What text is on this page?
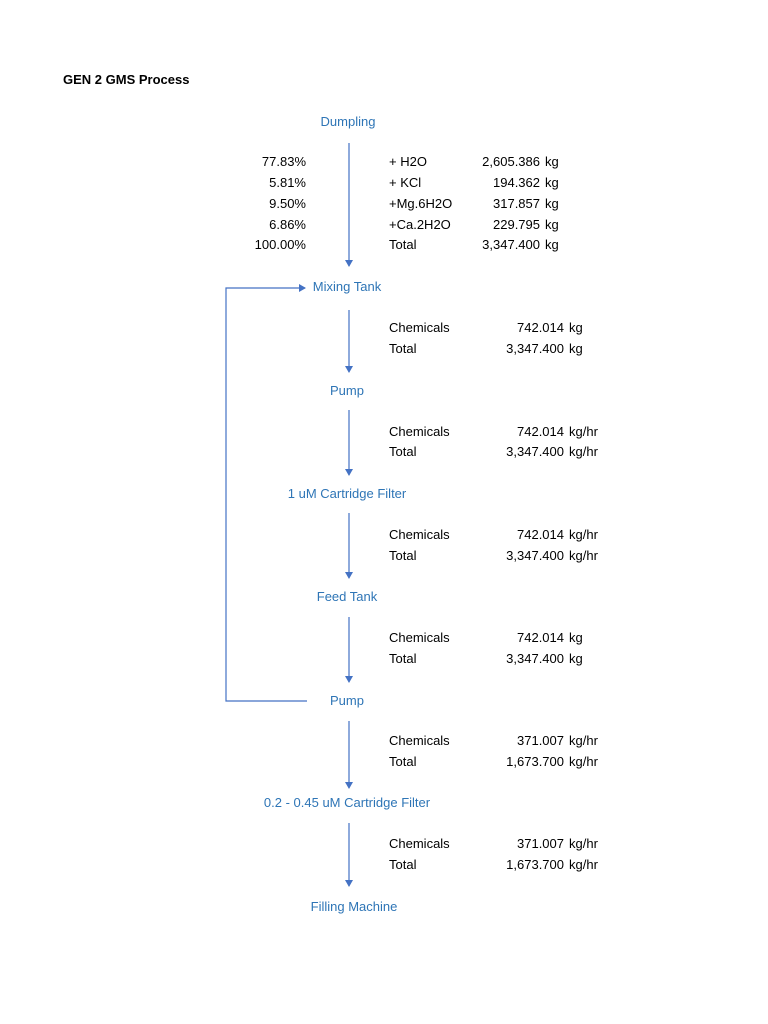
GEN 2 GMS Process
Dumpling
Mixing Tank
Pump
1 uM Cartridge Filter
Feed Tank
Pump
0.2 - 0.45 uM Cartridge Filter
Filling Machine
77.83%	+ H2O	2,605.386 kg
5.81%	+ KCl	194.362 kg
9.50%	+Mg.6H2O	317.857 kg
6.86%	+Ca.2H2O	229.795 kg
100.00%	Total	3,347.400 kg
Chemicals	742.014 kg
Total	3,347.400 kg
Chemicals	742.014 kg/hr
Total	3,347.400 kg/hr
Chemicals	742.014 kg/hr
Total	3,347.400 kg/hr
Chemicals	742.014 kg
Total	3,347.400 kg
Chemicals	371.007 kg/hr
Total	1,673.700 kg/hr
Chemicals	371.007 kg/hr
Total	1,673.700 kg/hr
